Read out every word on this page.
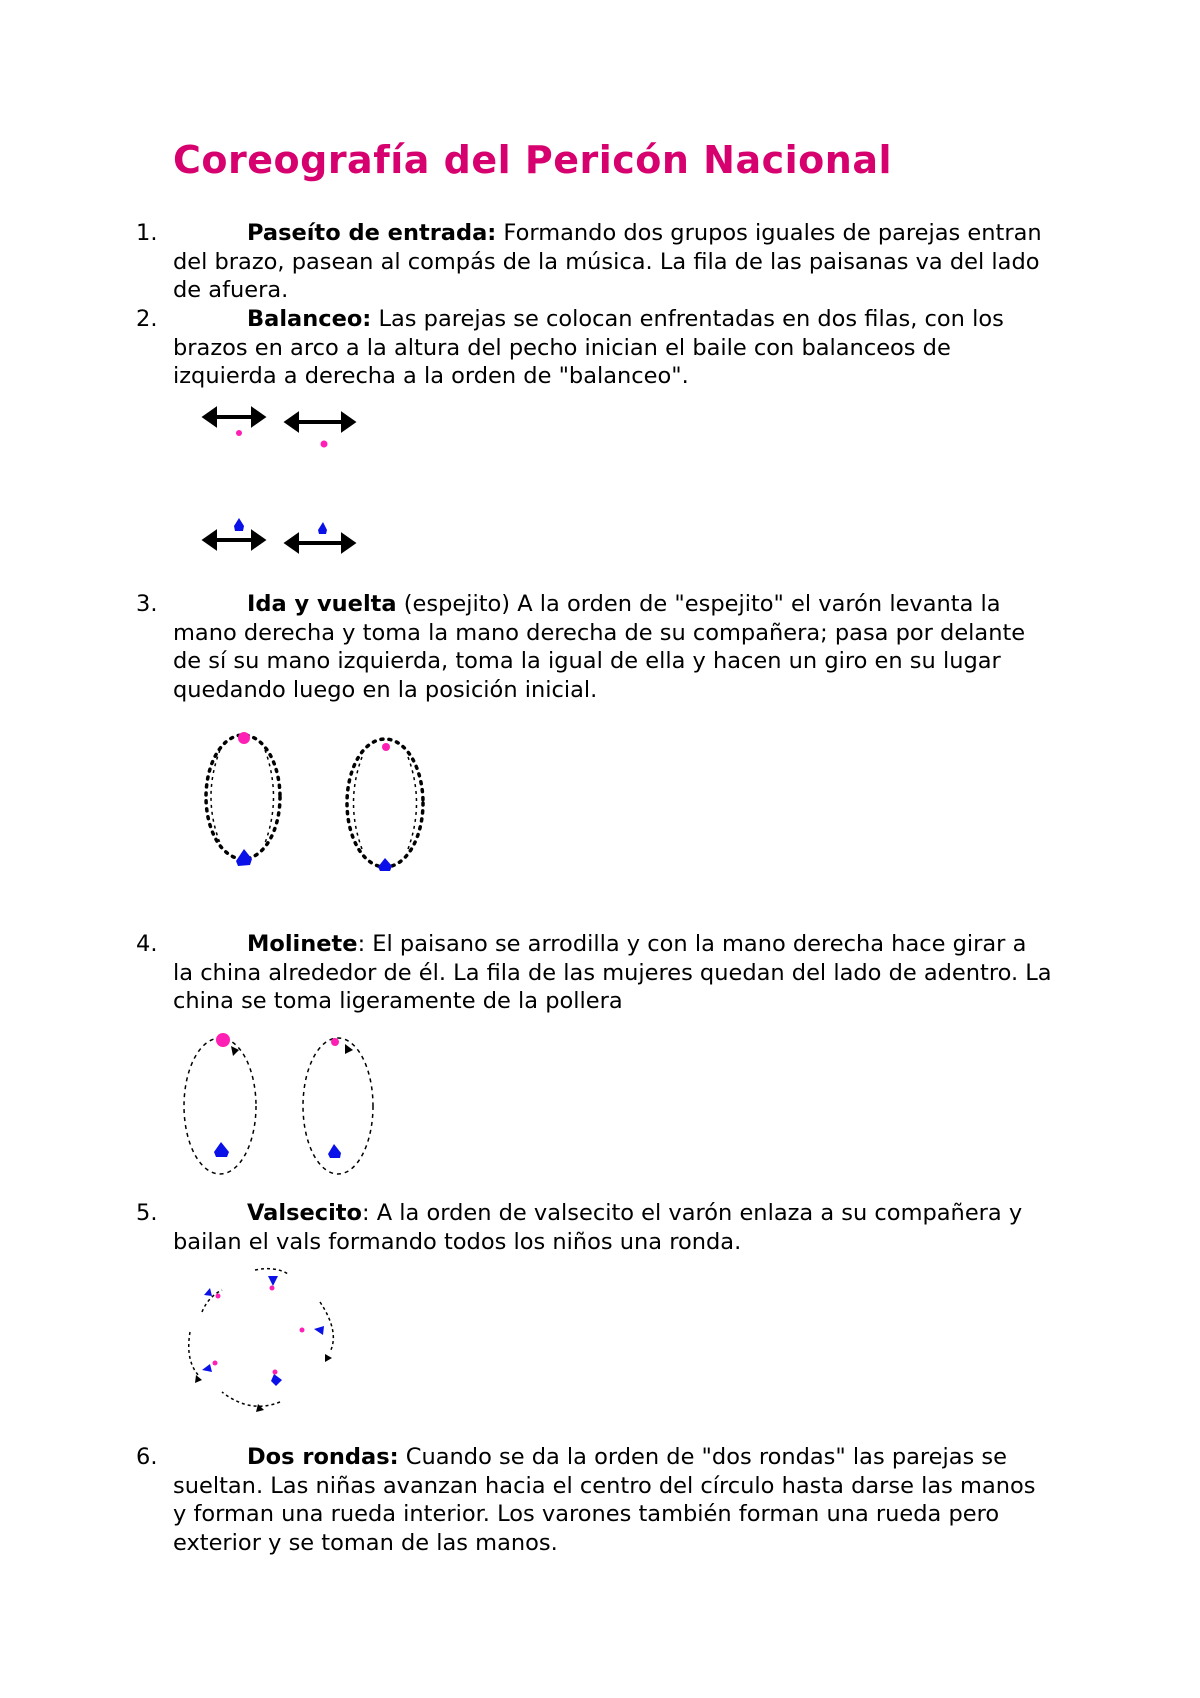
Coreografía del Pericón Nacional
1.	Paseíto de entrada: Formando dos grupos iguales de parejas entran del brazo, pasean al compás de la música. La fila de las paisanas va del lado de afuera.

2.	Balanceo: Las parejas se colocan enfrentadas en dos filas, con los brazos en arco a la altura del pecho inician el baile con balanceos de izquierda a derecha a la orden de "balanceo".

3.	Ida y vuelta (espejito) A la orden de "espejito" el varón levanta la mano derecha y toma la mano derecha de su compañera; pasa por delante de sí su mano izquierda, toma la igual de ella y hacen un giro en su lugar quedando luego en la posición inicial.

4.	Molinete: El paisano se arrodilla y con la mano derecha hace girar a la china alrededor de él. La fila de las mujeres quedan del lado de adentro. La china se toma ligeramente de la pollera

5.	Valsecito: A la orden de valsecito el varón enlaza a su compañera y bailan el vals formando todos los niños una ronda.

6.	Dos rondas: Cuando se da la orden de "dos rondas" las parejas se sueltan. Las niñas avanzan hacia el centro del círculo hasta darse las manos y forman una rueda interior. Los varones también forman una rueda pero exterior y se toman de las manos.
